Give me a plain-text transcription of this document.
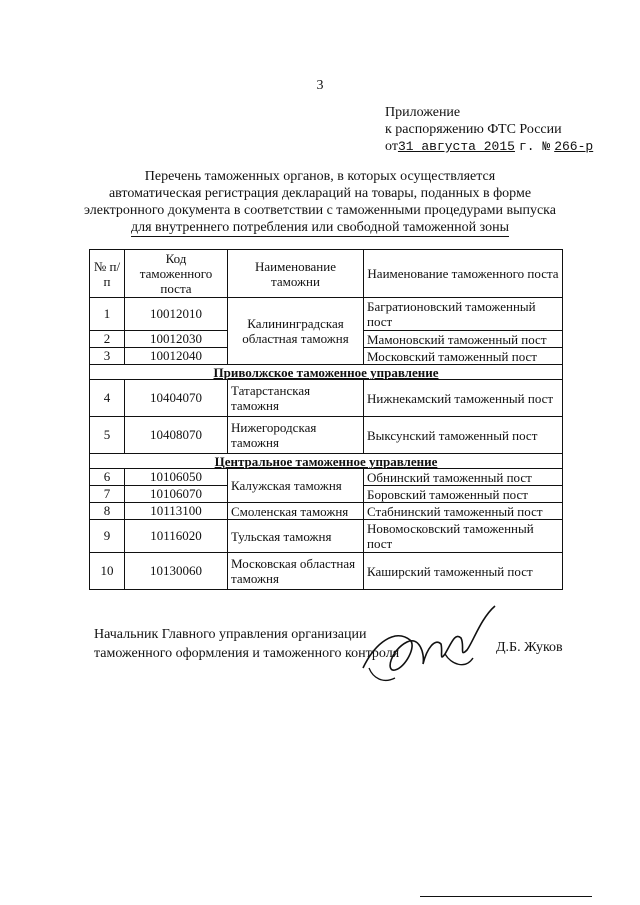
3
Приложение
к распоряжению ФТС России
от 31 августа 2015 г. № 266-р
Перечень таможенных органов, в которых осуществляется
автоматическая регистрация деклараций на товары, поданных в форме
электронного документа в соответствии с таможенными процедурами выпуска
для внутреннего потребления или свободной таможенной зоны
№ п/п	Код таможенного поста	Наименование таможни	Наименование таможенного поста
1	10012010	Калининградская областная таможня	Багратионовский таможенный пост
2	10012030		Мамоновский таможенный пост
3	10012040		Московский таможенный пост
Приволжское таможенное управление			
4	10404070	Татарстанская таможня	Нижнекамский таможенный пост
5	10408070	Нижегородская таможня	Выксунский таможенный пост
Центральное таможенное управление			
6	10106050	Калужская таможня	Обнинский таможенный пост
7	10106070		Боровский таможенный пост
8	10113100	Смоленская таможня	Стабнинский таможенный пост
9	10116020	Тульская таможня	Новомосковский таможенный пост
10	10130060	Московская областная таможня	Каширский таможенный пост
Начальник Главного управления организации
таможенного оформления и таможенного контроля	Д.Б. Жуков
